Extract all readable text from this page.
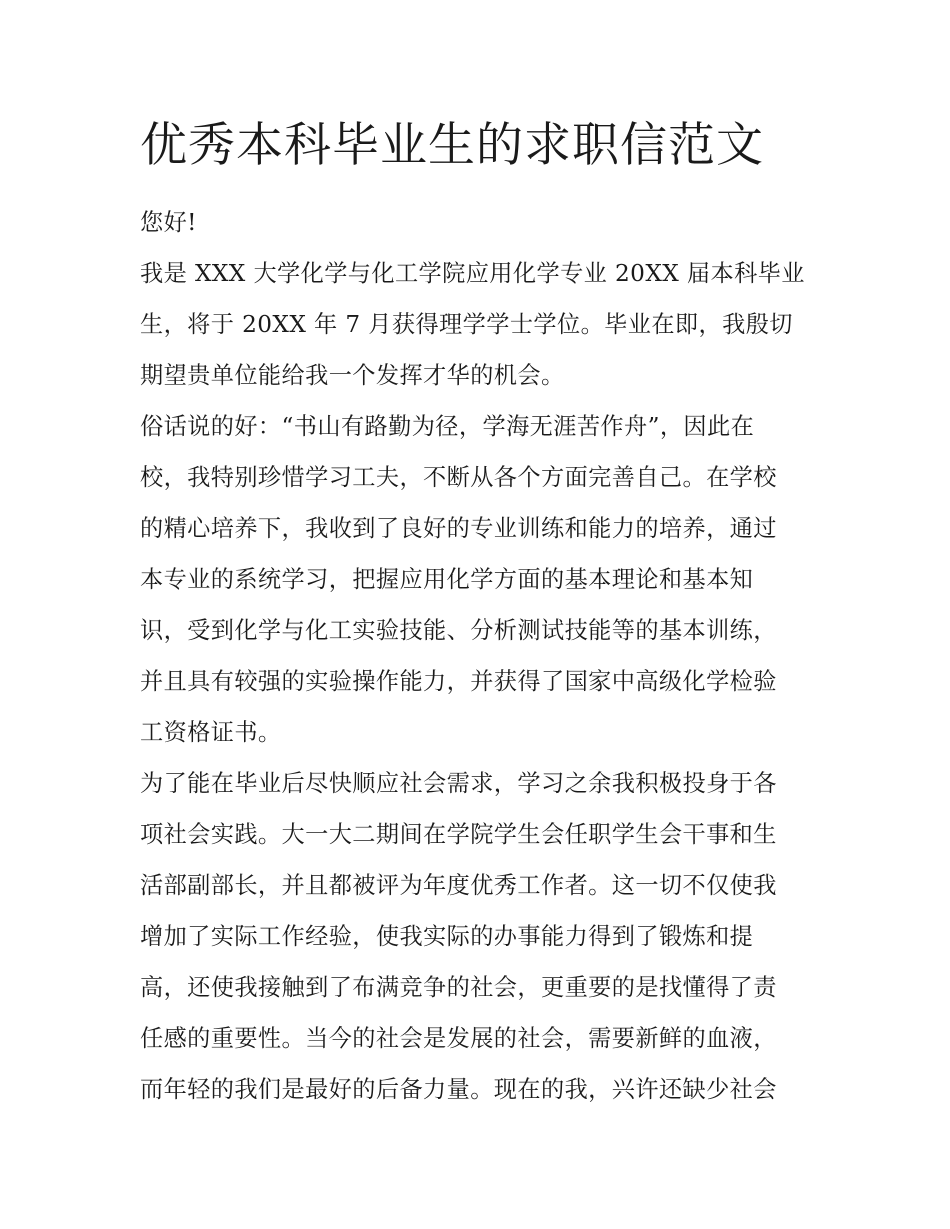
优秀本科毕业生的求职信范文

您好!

我是 XXX 大学化学与化工学院应用化学专业 20XX 届本科毕业

生，将于 20XX 年 7 月获得理学学士学位。毕业在即，我殷切

期望贵单位能给我一个发挥才华的机会。

俗话说的好：“书山有路勤为径，学海无涯苦作舟”，因此在

校，我特别珍惜学习工夫，不断从各个方面完善自己。在学校

的精心培养下，我收到了良好的专业训练和能力的培养，通过

本专业的系统学习，把握应用化学方面的基本理论和基本知

识，受到化学与化工实验技能、分析测试技能等的基本训练，

并且具有较强的实验操作能力，并获得了国家中高级化学检验

工资格证书。

为了能在毕业后尽快顺应社会需求，学习之余我积极投身于各

项社会实践。大一大二期间在学院学生会任职学生会干事和生

活部副部长，并且都被评为年度优秀工作者。这一切不仅使我

增加了实际工作经验，使我实际的办事能力得到了锻炼和提

高，还使我接触到了布满竞争的社会，更重要的是找懂得了责

任感的重要性。当今的社会是发展的社会，需要新鲜的血液，

而年轻的我们是最好的后备力量。现在的我，兴许还缺少社会
